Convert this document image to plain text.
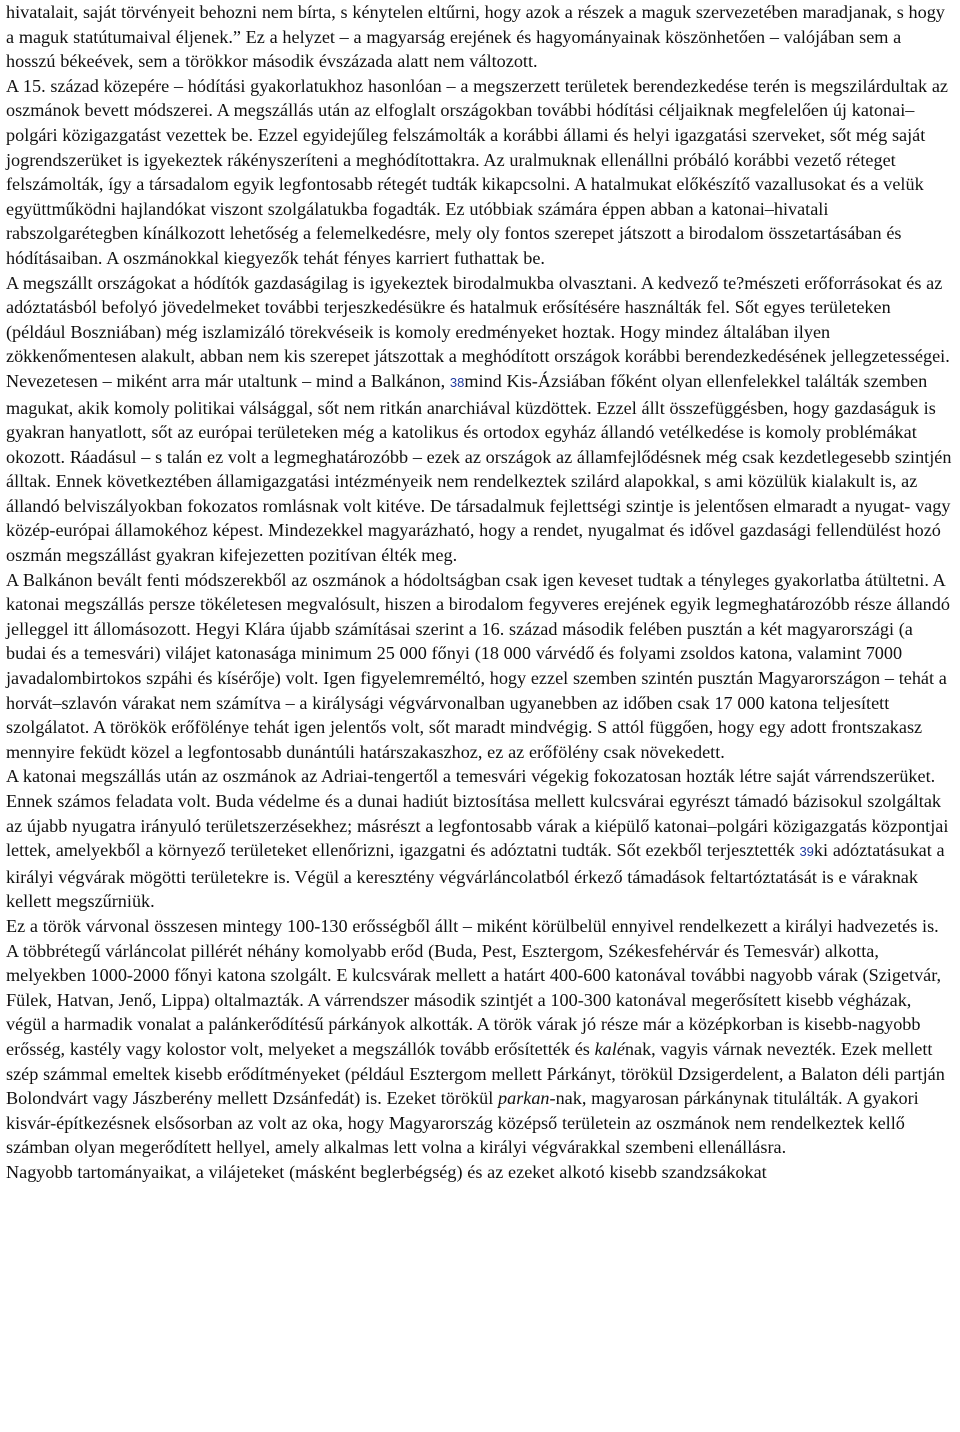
hivatalait, saját törvényeit behozni nem bírta, s kénytelen eltűrni, hogy azok a részek a maguk szervezetében maradjanak, s hogy a maguk statútumaival éljenek.” Ez a helyzet – a magyarság erejének és hagyományainak köszönhetően – valójában sem a hosszú békeévek, sem a törökkor második évszázada alatt nem változott.

A 15. század közepére – hódítási gyakorlatukhoz hasonlóan – a megszerzett területek berendezkedése terén is megszilárdultak az oszmánok bevett módszerei. A megszállás után az elfoglalt országokban további hódítási céljaiknak megfelelően új katonai–polgári közigazgatást vezettek be. Ezzel egyidejűleg felszámolták a korábbi állami és helyi igazgatási szerveket, sőt még saját jogrendszerüket is igyekeztek rákényszeríteni a meghódítottakra. Az uralmuknak ellenállni próbáló korábbi vezető réteget felszámolták, így a társadalom egyik legfontosabb rétegét tudták kikapcsolni. A hatalmukat előkészítő vazallusokat és a velük együttműködni hajlandókat viszont szolgálatukba fogadták. Ez utóbbiak számára éppen abban a katonai–hivatali rabszolgarétegben kínálkozott lehetőség a felemelkedésre, mely oly fontos szerepet játszott a birodalom összetartásában és hódításaiban. A oszmánokkal kiegyezők tehát fényes karriert futhattak be.

A megszállt országokat a hódítók gazdaságilag is igyekeztek birodalmukba olvasztani. A kedvező te?mészeti erőforrásokat és az adóztatásból befolyó jövedelmeket további terjeszkedésükre és hatalmuk erősítésére használták fel. Sőt egyes területeken (például Boszniában) még iszlamizáló törekvéseik is komoly eredményeket hoztak. Hogy mindez általában ilyen zökkenőmentesen alakult, abban nem kis szerepet játszottak a meghódított országok korábbi berendezkedésének jellegzetességei. Nevezetesen – miként arra már utaltunk – mind a Balkánon, 38mind Kis-Ázsiában főként olyan ellenfelekkel találták szemben magukat, akik komoly politikai válsággal, sőt nem ritkán anarchiával küzdöttek. Ezzel állt összefüggésben, hogy gazdaságuk is gyakran hanyatlott, sőt az európai területeken még a katolikus és ortodox egyház állandó vetélkedése is komoly problémákat okozott. Ráadásul – s talán ez volt a legmeghatározóbb – ezek az országok az államfejlődésnek még csak kezdetlegesebb szintjén álltak. Ennek következtében államigazgatási intézményeik nem rendelkeztek szilárd alapokkal, s ami közülük kialakult is, az állandó belviszályokban fokozatos romlásnak volt kitéve. De társadalmuk fejlettségi szintje is jelentősen elmaradt a nyugat- vagy közép-európai államokéhoz képest. Mindezekkel magyarázható, hogy a rendet, nyugalmat és idővel gazdasági fellendülést hozó oszmán megszállást gyakran kifejezetten pozitívan élték meg.

A Balkánon bevált fenti módszerekből az oszmánok a hódoltságban csak igen keveset tudtak a tényleges gyakorlatba átültetni. A katonai megszállás persze tökéletesen megvalósult, hiszen a birodalom fegyveres erejének egyik legmeghatározóbb része állandó jelleggel itt állomásozott. Hegyi Klára újabb számításai szerint a 16. század második felében pusztán a két magyarországi (a budai és a temesvári) vilájet katonasága minimum 25 000 főnyi (18 000 várvédő és folyami zsoldos katona, valamint 7000 javadalombirtokos szpáhi és kísérője) volt. Igen figyelemreméltó, hogy ezzel szemben szintén pusztán Magyarországon – tehát a horvát–szlavón várakat nem számítva – a királysági végvárvonalban ugyanebben az időben csak 17 000 katona teljesített szolgálatot. A törökök erőfölénye tehát igen jelentős volt, sőt maradt mindvégig. S attól függően, hogy egy adott frontszakasz mennyire feküdt közel a legfontosabb dunántúli határszakaszhoz, ez az erőfölény csak növekedett.

A katonai megszállás után az oszmánok az Adriai-tengertől a temesvári végekig fokozatosan hozták létre saját várrendszerüket. Ennek számos feladata volt. Buda védelme és a dunai hadiút biztosítása mellett kulcsvárai egyrészt támadó bázisokul szolgáltak az újabb nyugatra irányuló területszerzésekhez; másrészt a legfontosabb várak a kiépülő katonai–polgári közigazgatás központjai lettek, amelyekből a környező területeket ellenőrizni, igazgatni és adóztatni tudták. Sőt ezekből terjesztették 39ki adóztatásukat a királyi végvárak mögötti területekre is. Végül a keresztény végvárláncolatból érkező támadások feltartóztatását is e váraknak kellett megszűrniük.

Ez a török várvonal összesen mintegy 100-130 erősségből állt – miként körülbelül ennyivel rendelkezett a királyi hadvezetés is. A többrétegű várláncolat pillérét néhány komolyabb erőd (Buda, Pest, Esztergom, Székesfehérvár és Temesvár) alkotta, melyekben 1000-2000 főnyi katona szolgált. E kulcsvárak mellett a határt 400-600 katonával további nagyobb várak (Szigetvár, Fülek, Hatvan, Jenő, Lippa) oltalmazták. A várrendszer második szintjét a 100-300 katonával megerősített kisebb végházak, végül a harmadik vonalat a palánkerődítésű párkányok alkották. A török várak jó része már a középkorban is kisebb-nagyobb erősség, kastély vagy kolostor volt, melyeket a megszállók tovább erősítették és kalénak, vagyis várnak nevezték. Ezek mellett szép számmal emeltek kisebb erődítményeket (például Esztergom mellett Párkányt, törökül Dzsigerdelent, a Balaton déli partján Bolondvárt vagy Jászberény mellett Dzsánfedát) is. Ezeket törökül parkan-nak, magyarosan párkánynak titulálták. A gyakori kisvár-építkezésnek elsősorban az volt az oka, hogy Magyarország középső területein az oszmánok nem rendelkeztek kellő számban olyan megerődített hellyel, amely alkalmas lett volna a királyi végvárakkal szembeni ellenállásra.

Nagyobb tartományaikat, a vilájeteket (másként beglerbégség) és az ezeket alkotó kisebb szandzsákokat
